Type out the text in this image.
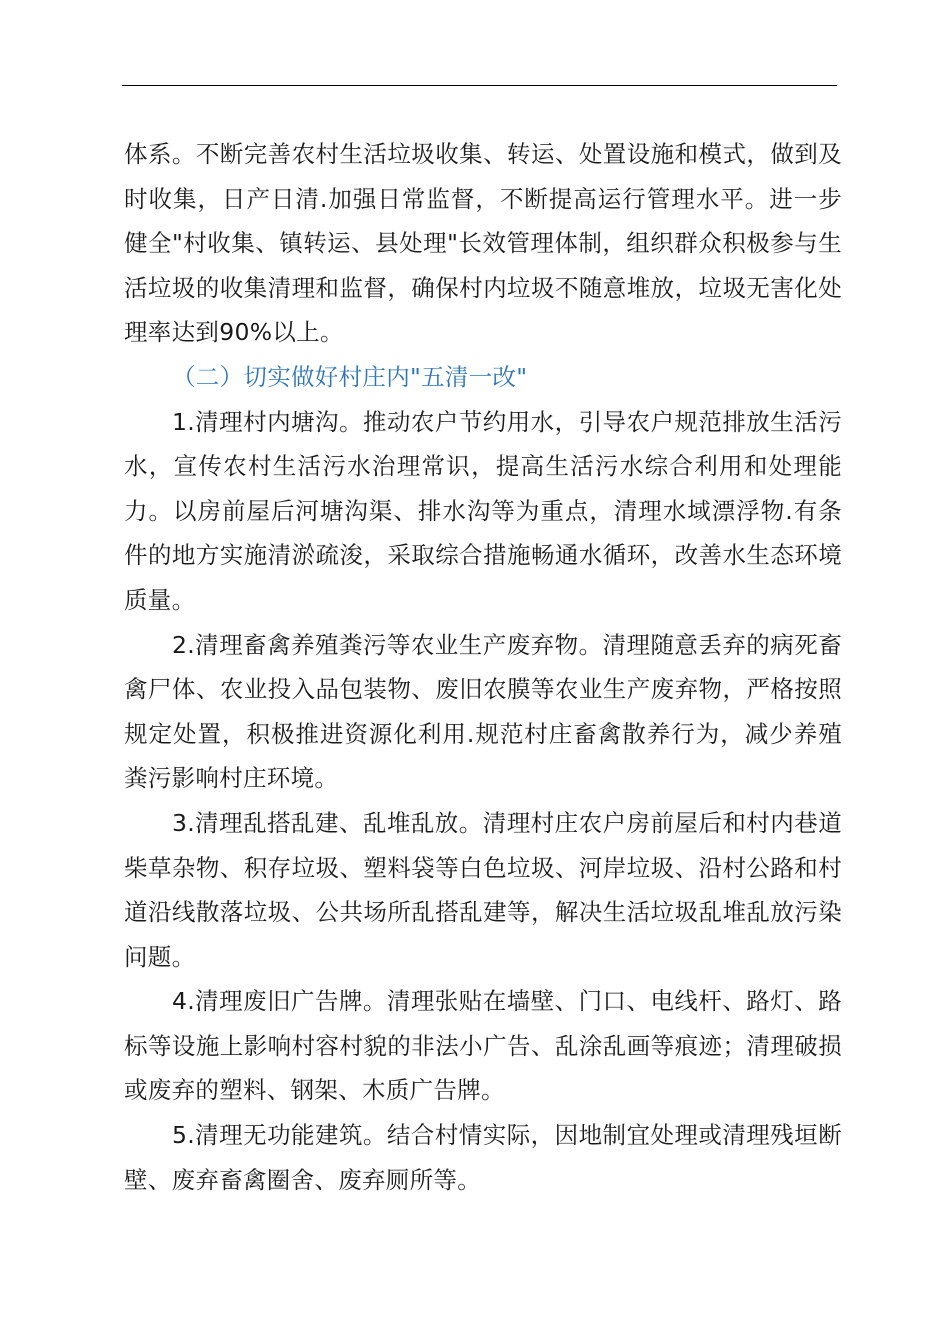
体系。不断完善农村生活垃圾收集、转运、处置设施和模式，做到及时收集，日产日清.加强日常监督，不断提高运行管理水平。进一步健全"村收集、镇转运、县处理"长效管理体制，组织群众积极参与生活垃圾的收集清理和监督，确保村内垃圾不随意堆放，垃圾无害化处理率达到90%以上。

（二）切实做好村庄内"五清一改"

1.清理村内塘沟。推动农户节约用水，引导农户规范排放生活污水，宣传农村生活污水治理常识，提高生活污水综合利用和处理能力。以房前屋后河塘沟渠、排水沟等为重点，清理水域漂浮物.有条件的地方实施清淤疏浚，采取综合措施畅通水循环，改善水生态环境质量。

2.清理畜禽养殖粪污等农业生产废弃物。清理随意丢弃的病死畜禽尸体、农业投入品包装物、废旧农膜等农业生产废弃物，严格按照规定处置，积极推进资源化利用.规范村庄畜禽散养行为，减少养殖粪污影响村庄环境。

3.清理乱搭乱建、乱堆乱放。清理村庄农户房前屋后和村内巷道柴草杂物、积存垃圾、塑料袋等白色垃圾、河岸垃圾、沿村公路和村道沿线散落垃圾、公共场所乱搭乱建等，解决生活垃圾乱堆乱放污染问题。

4.清理废旧广告牌。清理张贴在墙壁、门口、电线杆、路灯、路标等设施上影响村容村貌的非法小广告、乱涂乱画等痕迹；清理破损或废弃的塑料、钢架、木质广告牌。

5.清理无功能建筑。结合村情实际，因地制宜处理或清理残垣断壁、废弃畜禽圈舍、废弃厕所等。
